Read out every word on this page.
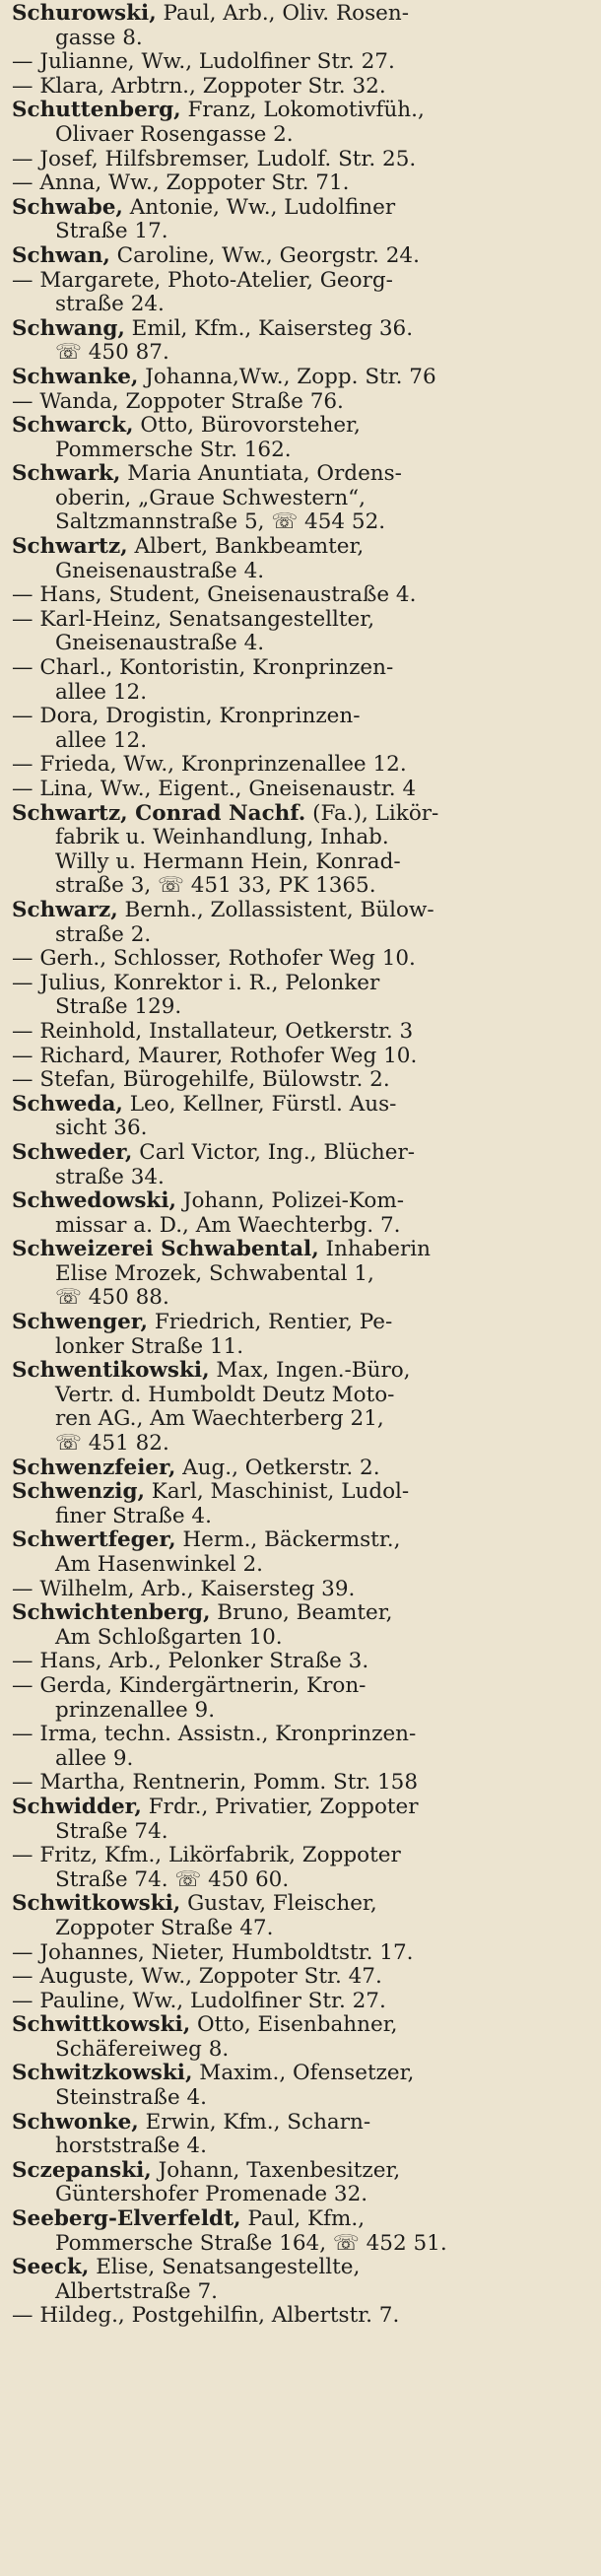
Schurowski, Paul, Arb., Oliv. Rosen-
gasse 8.
— Julianne, Ww., Ludolfiner Str. 27.
— Klara, Arbtrn., Zoppoter Str. 32.
Schuttenberg, Franz, Lokomotivfüh.,
Olivaer Rosengasse 2.
— Josef, Hilfsbremser, Ludolf. Str. 25.
— Anna, Ww., Zoppoter Str. 71.
Schwabe, Antonie, Ww., Ludolfiner
Straße 17.
Schwan, Caroline, Ww., Georgstr. 24.
— Margarete, Photo-Atelier, Georg-
straße 24.
Schwang, Emil, Kfm., Kaisersteg 36.
☏ 450 87.
Schwanke, Johanna,Ww., Zopp. Str. 76
— Wanda, Zoppoter Straße 76.
Schwarck, Otto, Bürovorsteher,
Pommersche Str. 162.
Schwark, Maria Anuntiata, Ordens-
oberin, „Graue Schwestern“,
Saltzmannstraße 5, ☏ 454 52.
Schwartz, Albert, Bankbeamter,
Gneisenaustraße 4.
— Hans, Student, Gneisenaustraße 4.
— Karl-Heinz, Senatsangestellter,
Gneisenaustraße 4.
— Charl., Kontoristin, Kronprinzen-
allee 12.
— Dora, Drogistin, Kronprinzen-
allee 12.
— Frieda, Ww., Kronprinzenallee 12.
— Lina, Ww., Eigent., Gneisenaustr. 4
Schwartz, Conrad Nachf. (Fa.), Likör-
fabrik u. Weinhandlung, Inhab.
Willy u. Hermann Hein, Konrad-
straße 3, ☏ 451 33, PK 1365.
Schwarz, Bernh., Zollassistent, Bülow-
straße 2.
— Gerh., Schlosser, Rothofer Weg 10.
— Julius, Konrektor i. R., Pelonker
Straße 129.
— Reinhold, Installateur, Oetkerstr. 3
— Richard, Maurer, Rothofer Weg 10.
— Stefan, Bürogehilfe, Bülowstr. 2.
Schweda, Leo, Kellner, Fürstl. Aus-
sicht 36.
Schweder, Carl Victor, Ing., Blücher-
straße 34.
Schwedowski, Johann, Polizei-Kom-
missar a. D., Am Waechterbg. 7.
Schweizerei Schwabental, Inhaberin
Elise Mrozek, Schwabental 1,
☏ 450 88.
Schwenger, Friedrich, Rentier, Pe-
lonker Straße 11.
Schwentikowski, Max, Ingen.-Büro,
Vertr. d. Humboldt Deutz Moto-
ren AG., Am Waechterberg 21,
☏ 451 82.
Schwenzfeier, Aug., Oetkerstr. 2.
Schwenzig, Karl, Maschinist, Ludol-
finer Straße 4.
Schwertfeger, Herm., Bäckermstr.,
Am Hasenwinkel 2.
— Wilhelm, Arb., Kaisersteg 39.
Schwichtenberg, Bruno, Beamter,
Am Schloßgarten 10.
— Hans, Arb., Pelonker Straße 3.
— Gerda, Kindergärtnerin, Kron-
prinzenallee 9.
— Irma, techn. Assistn., Kronprinzen-
allee 9.
— Martha, Rentnerin, Pomm. Str. 158
Schwidder, Frdr., Privatier, Zoppoter
Straße 74.
— Fritz, Kfm., Likörfabrik, Zoppoter
Straße 74. ☏ 450 60.
Schwitkowski, Gustav, Fleischer,
Zoppoter Straße 47.
— Johannes, Nieter, Humboldtstr. 17.
— Auguste, Ww., Zoppoter Str. 47.
— Pauline, Ww., Ludolfiner Str. 27.
Schwittkowski, Otto, Eisenbahner,
Schäfereiweg 8.
Schwitzkowski, Maxim., Ofensetzer,
Steinstraße 4.
Schwonke, Erwin, Kfm., Scharn-
horststraße 4.
Sczepanski, Johann, Taxenbesitzer,
Güntershofer Promenade 32.
Seeberg-Elverfeldt, Paul, Kfm.,
Pommersche Straße 164, ☏ 452 51.
Seeck, Elise, Senatsangestellte,
Albertstraße 7.
— Hildeg., Postgehilfin, Albertstr. 7.
